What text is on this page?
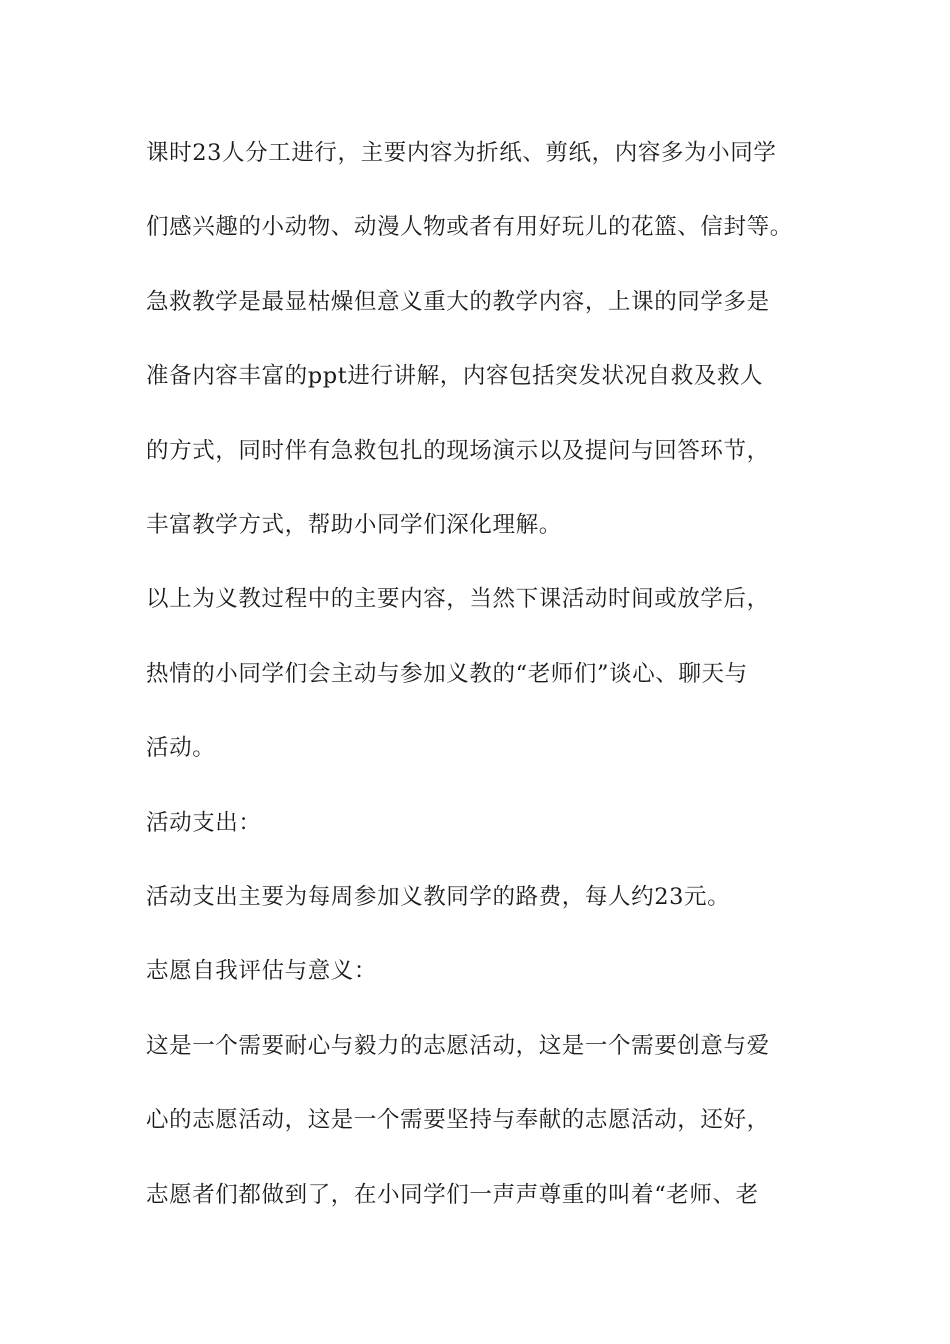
课时23人分工进行，主要内容为折纸、剪纸，内容多为小同学
们感兴趣的小动物、动漫人物或者有用好玩儿的花篮、信封等。
急救教学是最显枯燥但意义重大的教学内容，上课的同学多是
准备内容丰富的ppt进行讲解，内容包括突发状况自救及救人
的方式，同时伴有急救包扎的现场演示以及提问与回答环节，
丰富教学方式，帮助小同学们深化理解。
以上为义教过程中的主要内容，当然下课活动时间或放学后，
热情的小同学们会主动与参加义教的“老师们”谈心、聊天与
活动。
活动支出：
活动支出主要为每周参加义教同学的路费，每人约23元。
志愿自我评估与意义：
这是一个需要耐心与毅力的志愿活动，这是一个需要创意与爱
心的志愿活动，这是一个需要坚持与奉献的志愿活动，还好，
志愿者们都做到了，在小同学们一声声尊重的叫着“老师、老
